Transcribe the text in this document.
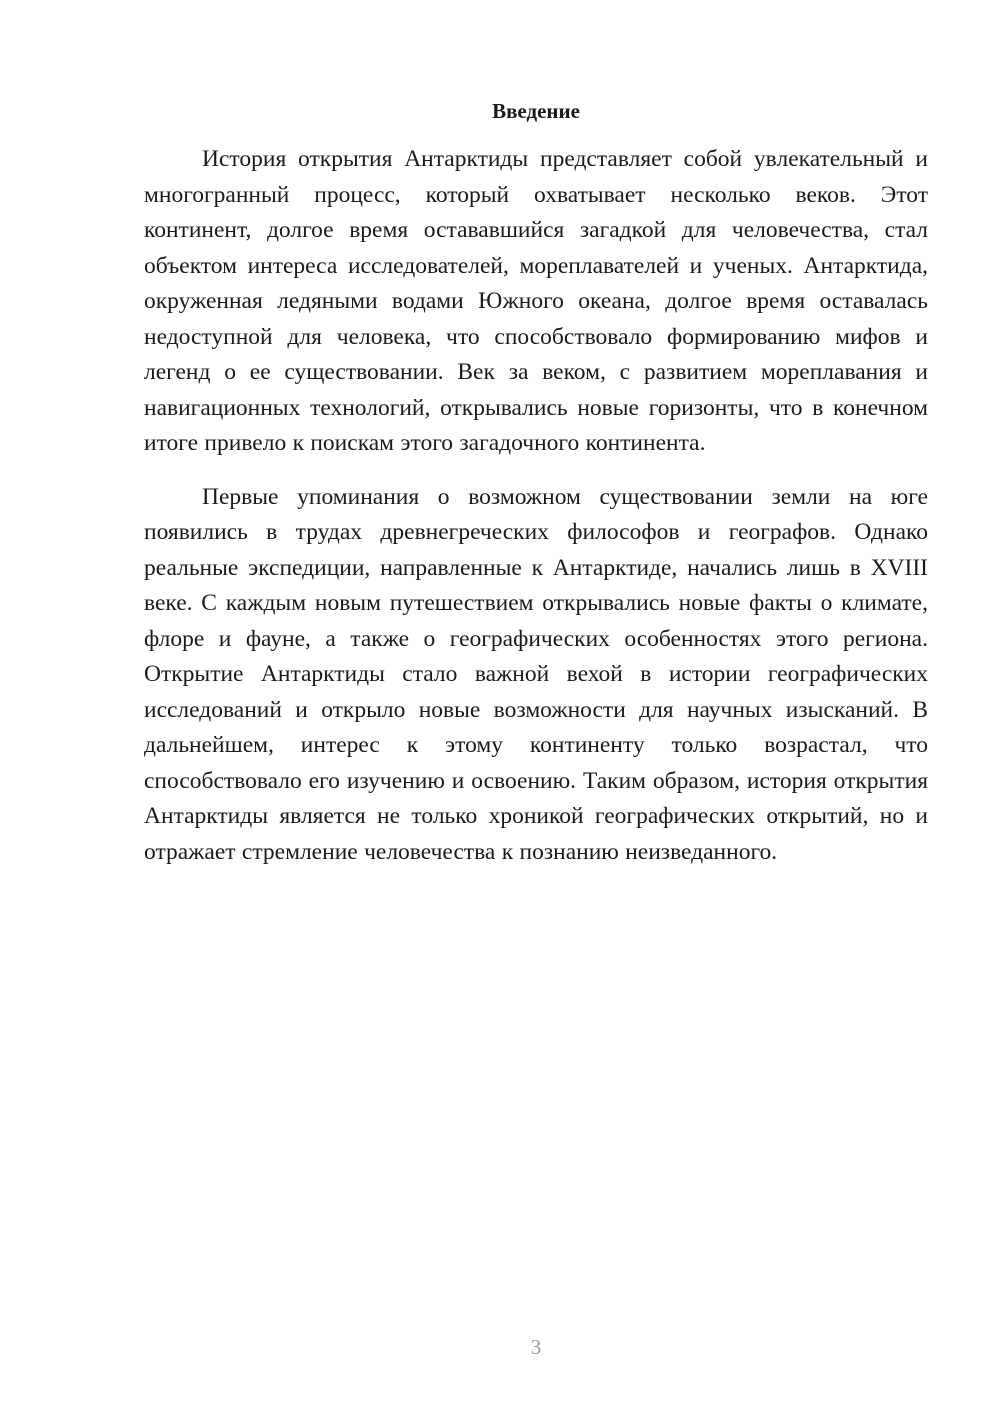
Введение

История открытия Антарктиды представляет собой увлекательный и многогранный процесс, который охватывает несколько веков. Этот континент, долгое время остававшийся загадкой для человечества, стал объектом интереса исследователей, мореплавателей и ученых. Антарктида, окруженная ледяными водами Южного океана, долгое время оставалась недоступной для человека, что способствовало формированию мифов и легенд о ее существовании. Век за веком, с развитием мореплавания и навигационных технологий, открывались новые горизонты, что в конечном итоге привело к поискам этого загадочного континента.

Первые упоминания о возможном существовании земли на юге появились в трудах древнегреческих философов и географов. Однако реальные экспедиции, направленные к Антарктиде, начались лишь в XVIII веке. С каждым новым путешествием открывались новые факты о климате, флоре и фауне, а также о географических особенностях этого региона. Открытие Антарктиды стало важной вехой в истории географических исследований и открыло новые возможности для научных изысканий. В дальнейшем, интерес к этому континенту только возрастал, что способствовало его изучению и освоению. Таким образом, история открытия Антарктиды является не только хроникой географических открытий, но и отражает стремление человечества к познанию неизведанного.

3
